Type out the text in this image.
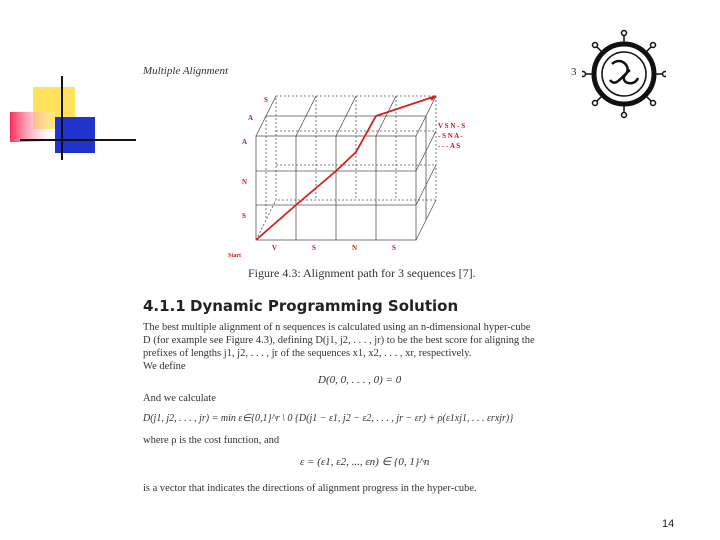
Multiple Alignment	3
S
A
A
N
S
V	S	N	S
Start
V S N - S
- S N A -
- - - A S
Figure 4.3: Alignment path for 3 sequences [7].
4.1.1 Dynamic Programming Solution

The best multiple alignment of n sequences is calculated using an n-dimensional hyper-cube

D (for example see Figure 4.3), defining D(j1, j2, . . . , jr) to be the best score for aligning the

prefixes of lengths j1, j2, . . . , jr of the sequences x1, x2, . . . , xr, respectively.

We define

D(0, 0, . . . , 0) = 0

And we calculate

D(j1, j2, . . . , jr) = min ε∈{0,1}^r \ 0 {D(j1 − ε1, j2 − ε2, . . . , jr − εr) + ρ(ε1xj1, . . . εrxjr)}

where ρ is the cost function, and

ε = (ε1, ε2, ..., εn) ∈ {0, 1}^n

is a vector that indicates the directions of alignment progress in the hyper-cube.

14
